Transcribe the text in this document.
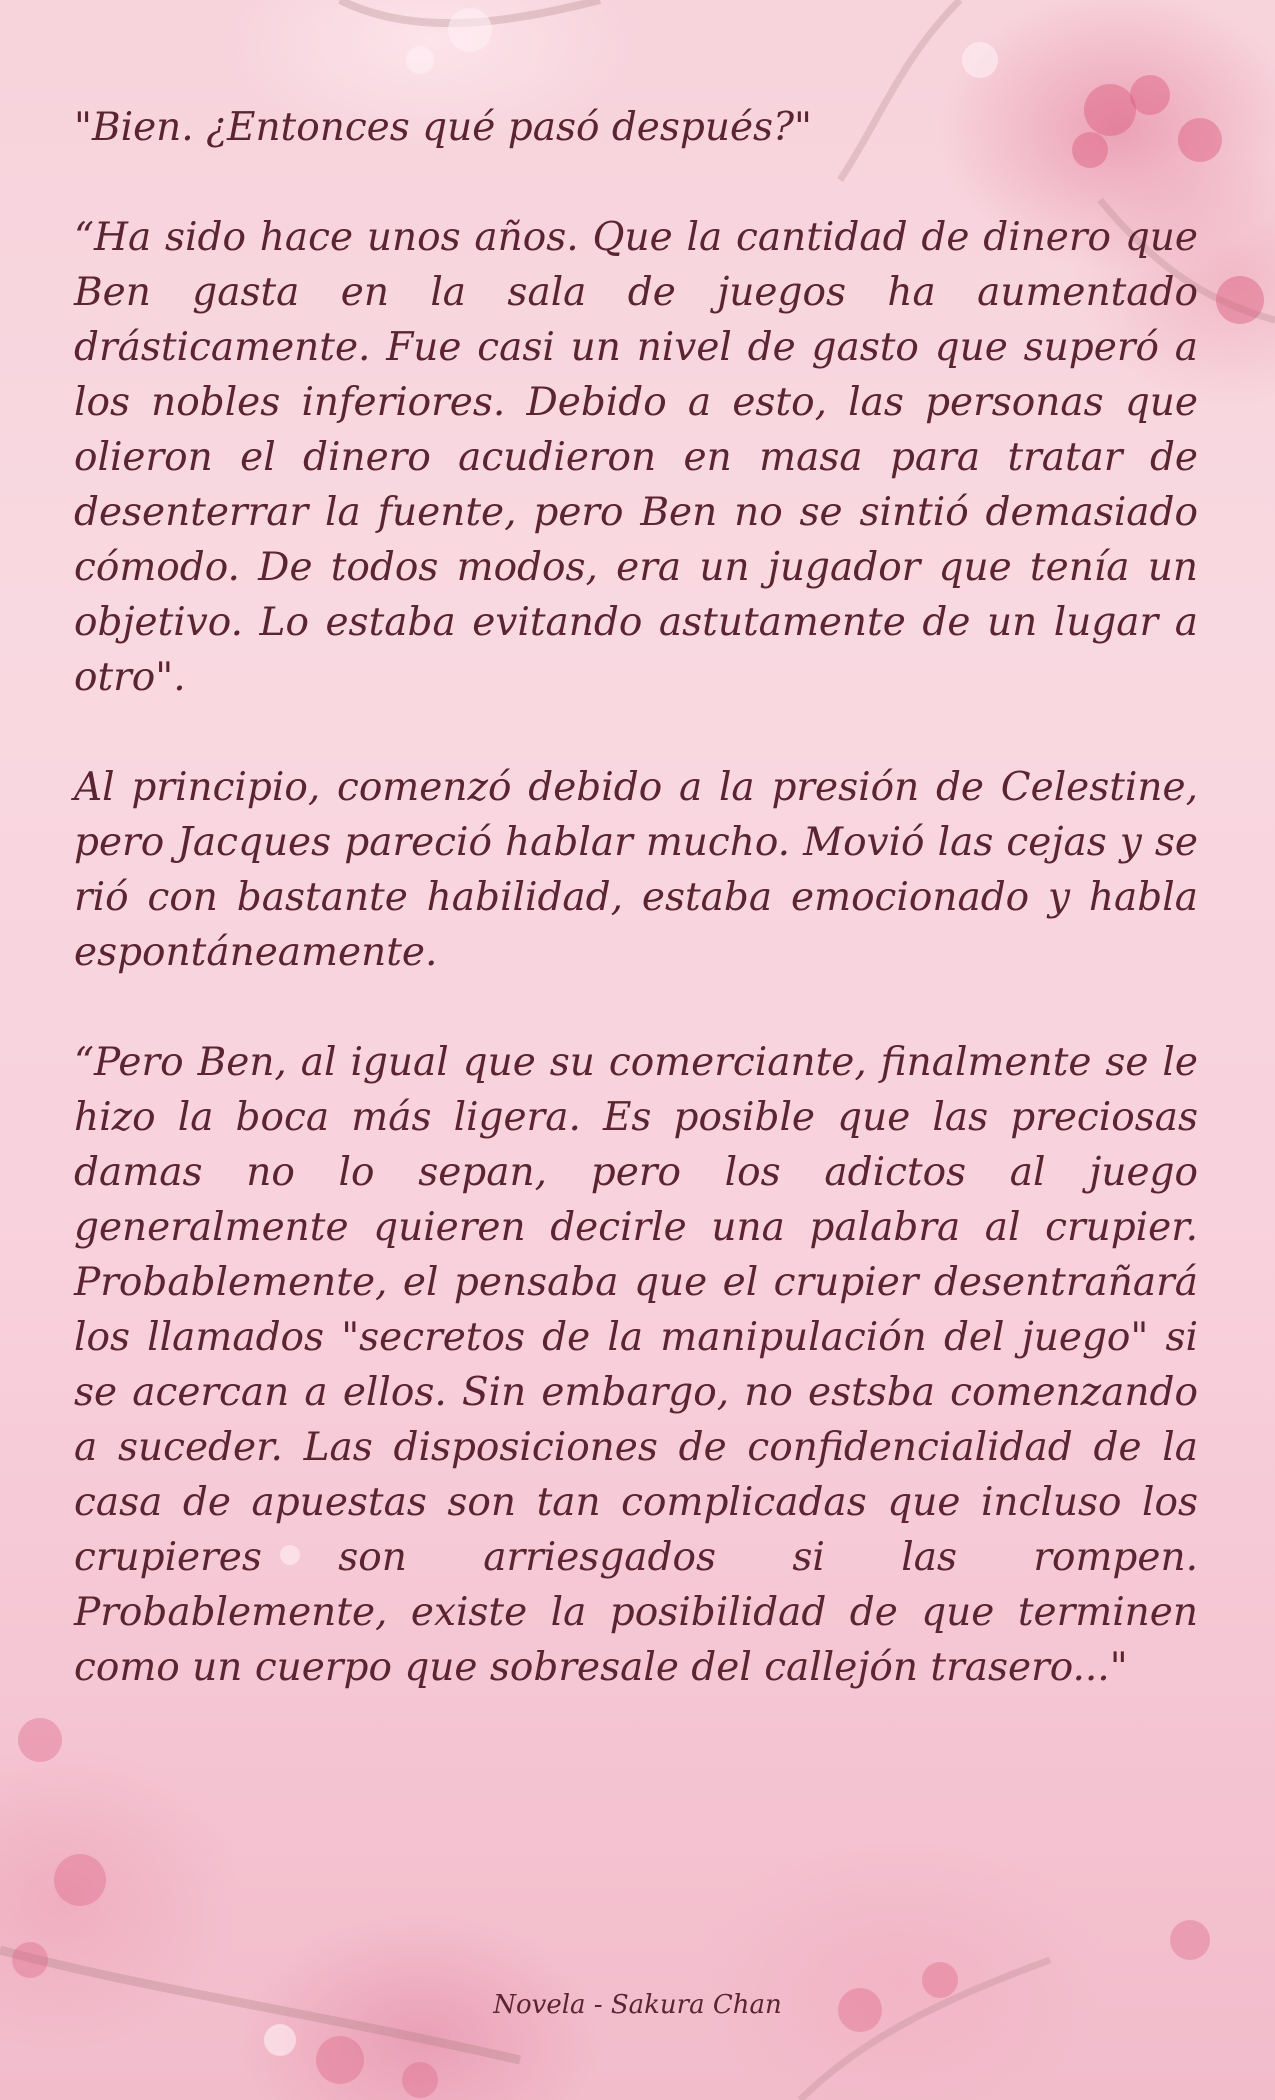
"Bien. ¿Entonces qué pasó después?"

“Ha sido hace unos años. Que la cantidad de dinero que Ben gasta en la sala de juegos ha aumentado drásticamente. Fue casi un nivel de gasto que superó a los nobles inferiores. Debido a esto, las personas que olieron el dinero acudieron en masa para tratar de desenterrar la fuente, pero Ben no se sintió demasiado cómodo. De todos modos, era un jugador que tenía un objetivo. Lo estaba evitando astutamente de un lugar a otro".

Al principio, comenzó debido a la presión de Celestine, pero Jacques pareció hablar mucho. Movió las cejas y se rió con bastante habilidad, estaba emocionado y habla espontáneamente.

“Pero Ben, al igual que su comerciante, finalmente se le hizo la boca más ligera. Es posible que las preciosas damas no lo sepan, pero los adictos al juego generalmente quieren decirle una palabra al crupier. Probablemente, el pensaba que el crupier desentrañará los llamados "secretos de la manipulación del juego" si se acercan a ellos. Sin embargo, no estsba comenzando a suceder. Las disposiciones de confidencialidad de la casa de apuestas son tan complicadas que incluso los crupieres son arriesgados si las rompen. Probablemente, existe la posibilidad de que terminen como un cuerpo que sobresale del callejón trasero..."

Novela - Sakura Chan
